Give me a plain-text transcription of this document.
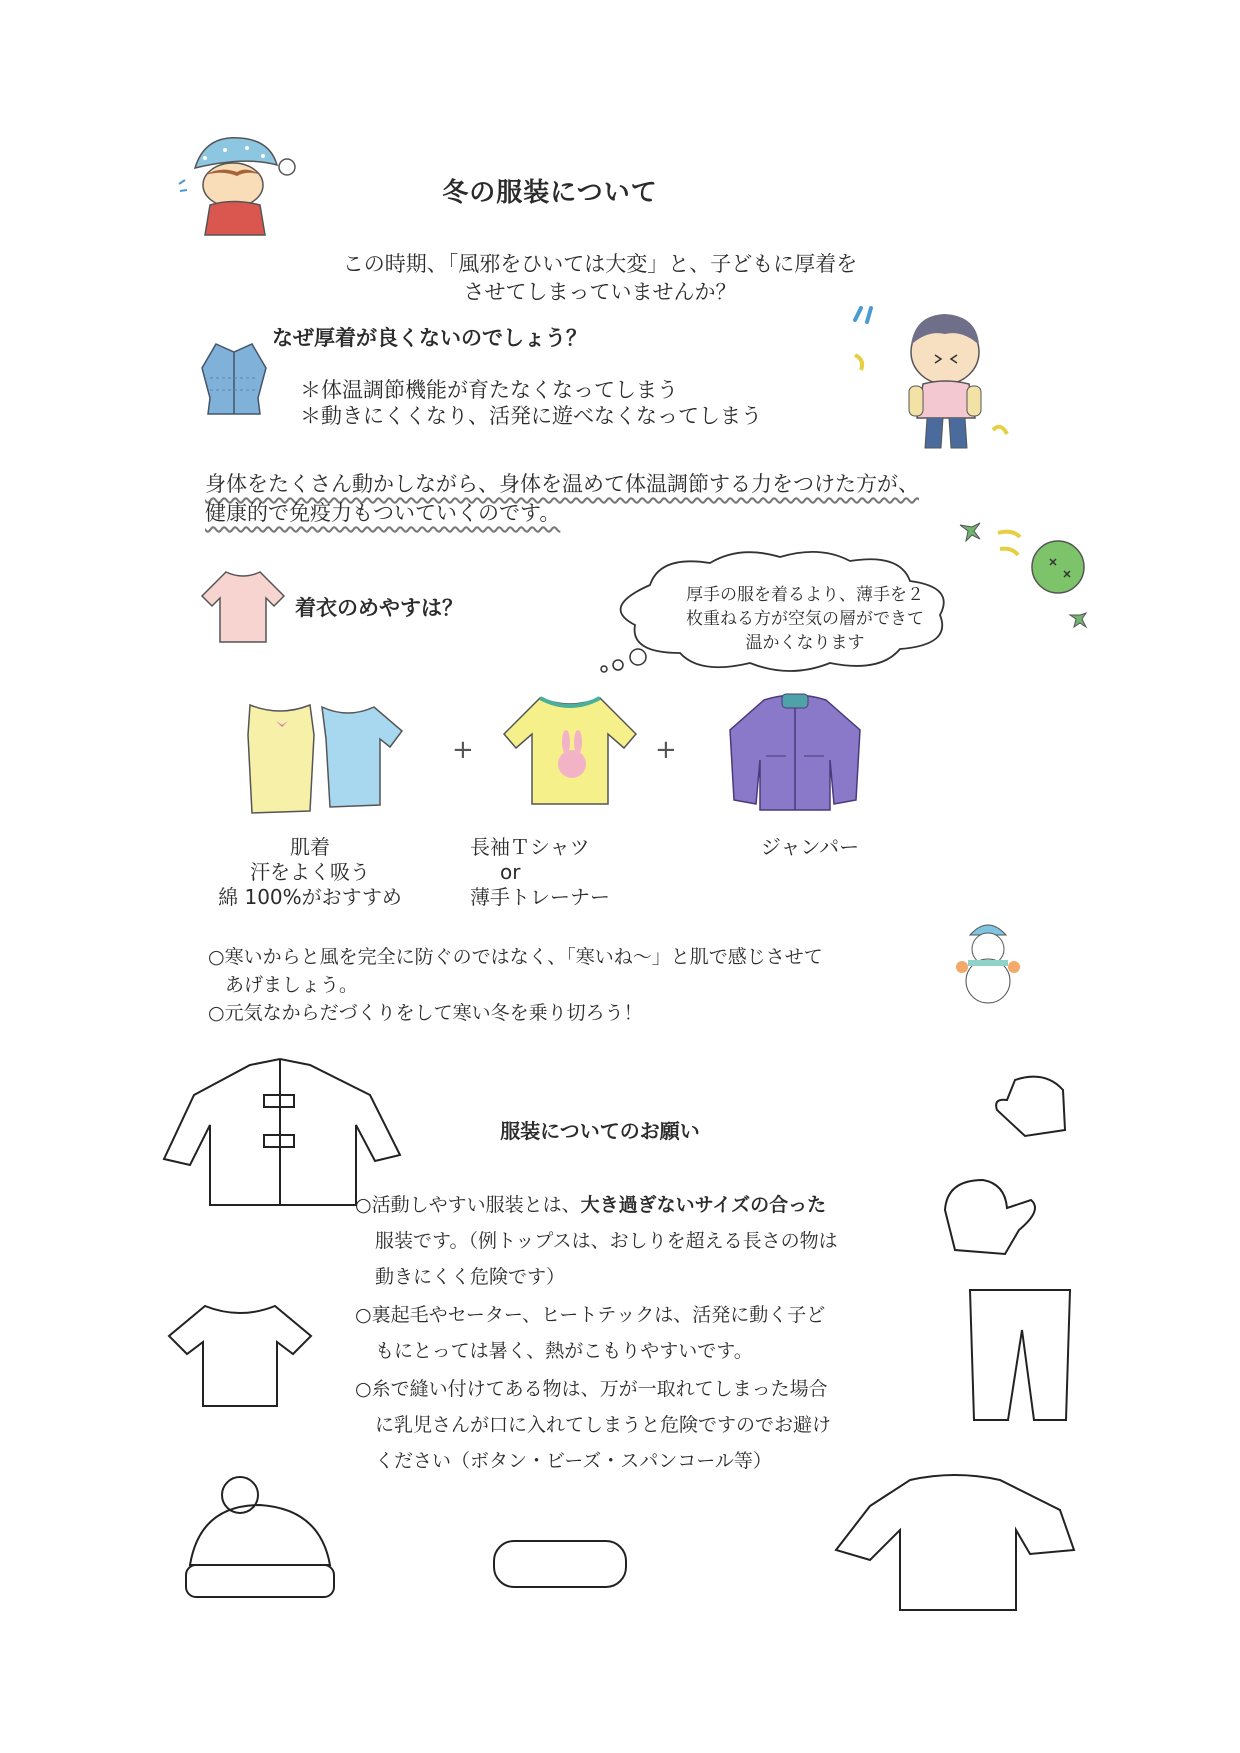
冬の服装について
この時期、「風邪をひいては大変」と、子どもに厚着を
させてしまっていませんか？
なぜ厚着が良くないのでしょう？
＊体温調節機能が育たなくなってしまう
＊動きにくくなり、活発に遊べなくなってしまう
身体をたくさん動かしながら、身体を温めて体温調節する力をつけた方が、
健康的で免疫力もついていくのです。
着衣のめやすは？
厚手の服を着るより、薄手を２
枚重ねる方が空気の層ができて
温かくなります
+	+
肌着
汗をよく吸う
綿 100%がおすすめ
長袖Ｔシャツ
or
薄手トレーナー
ジャンパー
○寒いからと風を完全に防ぐのではなく、「寒いね～」と肌で感じさせて
あげましょう。
○元気なからだづくりをして寒い冬を乗り切ろう！
服装についてのお願い
○活動しやすい服装とは、大き過ぎないサイズの合った
服装です。（例トップスは、おしりを超える長さの物は
動きにくく危険です）
○裏起毛やセーター、ヒートテックは、活発に動く子ど
もにとっては暑く、熱がこもりやすいです。
○糸で縫い付けてある物は、万が一取れてしまった場合
に乳児さんが口に入れてしまうと危険ですのでお避け
ください（ボタン・ビーズ・スパンコール等）
